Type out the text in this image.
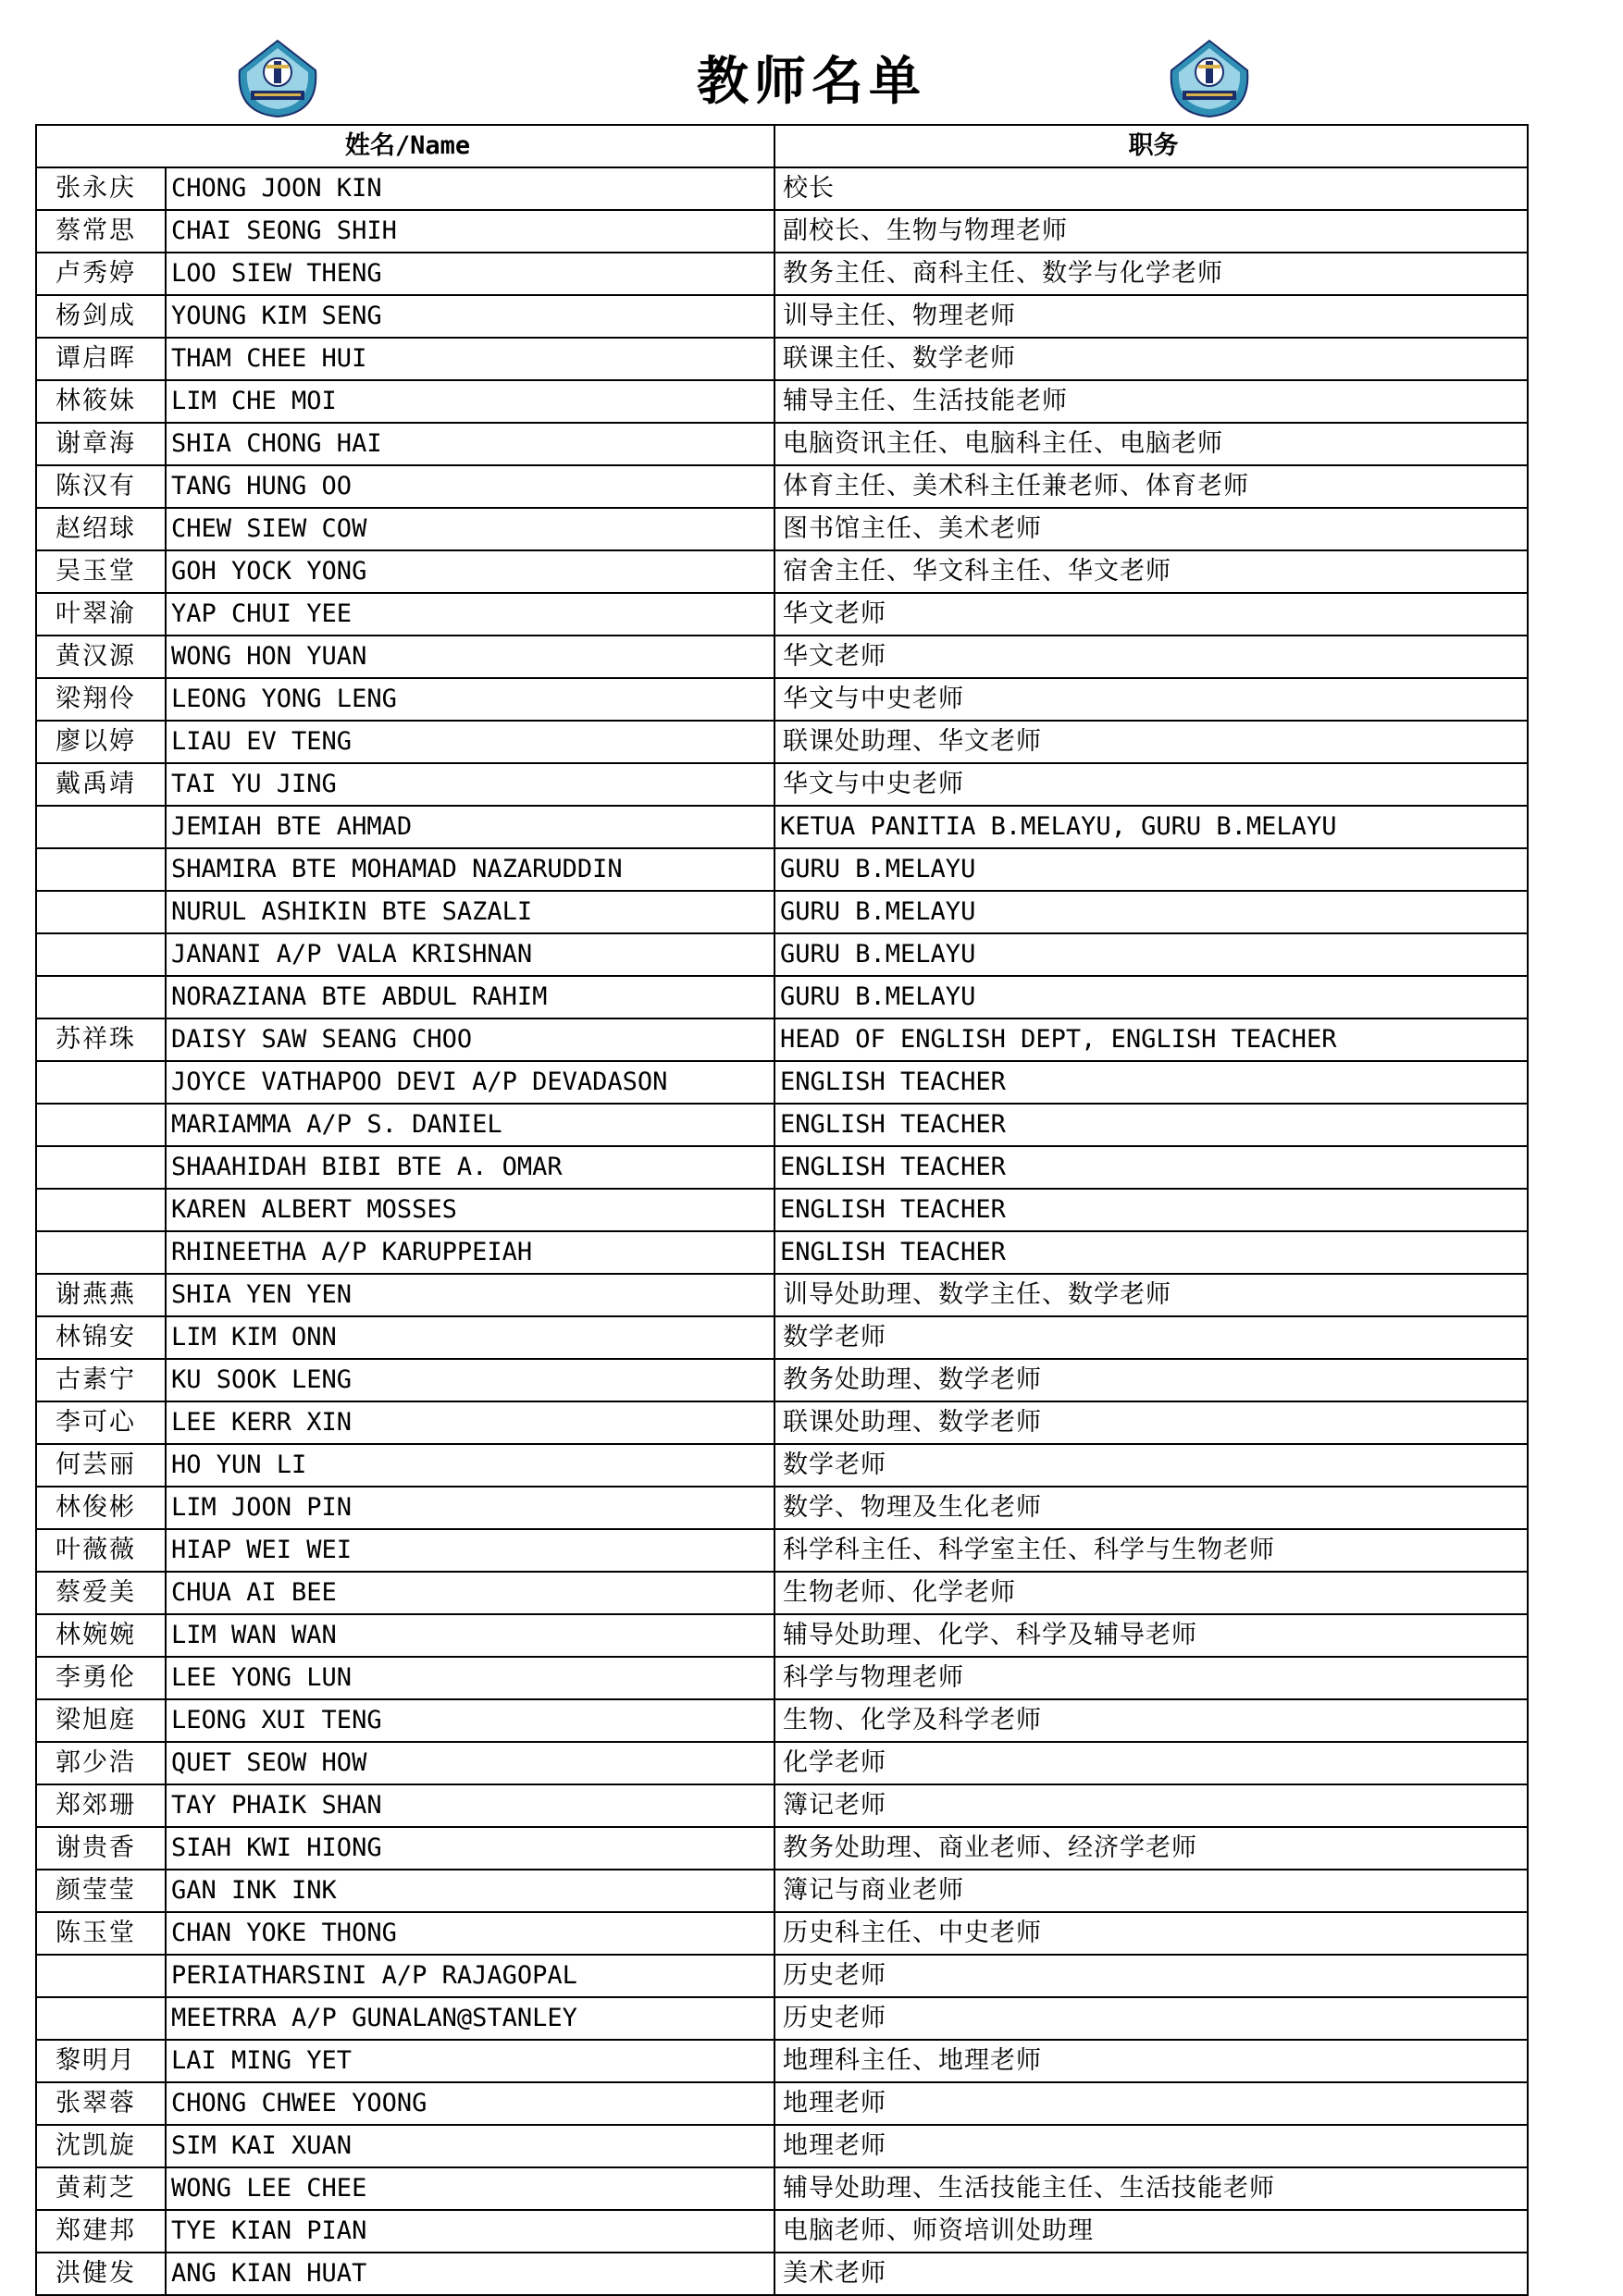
教师名单
姓名/Name		职务
张永庆	CHONG JOON KIN	校长
蔡常思	CHAI SEONG SHIH	副校长、生物与物理老师
卢秀婷	LOO SIEW THENG	教务主任、商科主任、数学与化学老师
杨剑成	YOUNG KIM SENG	训导主任、物理老师
谭启晖	THAM CHEE HUI	联课主任、数学老师
林筱妹	LIM CHE MOI	辅导主任、生活技能老师
谢章海	SHIA CHONG HAI	电脑资讯主任、电脑科主任、电脑老师
陈汉有	TANG HUNG OO	体育主任、美术科主任兼老师、体育老师
赵绍球	CHEW SIEW COW	图书馆主任、美术老师
吴玉堂	GOH YOCK YONG	宿舍主任、华文科主任、华文老师
叶翠渝	YAP CHUI YEE	华文老师
黄汉源	WONG HON YUAN	华文老师
梁翔伶	LEONG YONG LENG	华文与中史老师
廖以婷	LIAU EV TENG	联课处助理、华文老师
戴禹靖	TAI YU JING	华文与中史老师
	JEMIAH BTE AHMAD	KETUA PANITIA B.MELAYU, GURU B.MELAYU
	SHAMIRA BTE MOHAMAD NAZARUDDIN	GURU B.MELAYU
	NURUL ASHIKIN BTE SAZALI	GURU B.MELAYU
	JANANI A/P VALA KRISHNAN	GURU B.MELAYU
	NORAZIANA BTE ABDUL RAHIM	GURU B.MELAYU
苏祥珠	DAISY SAW SEANG CHOO	HEAD OF ENGLISH DEPT, ENGLISH TEACHER
	JOYCE VATHAPOO DEVI A/P DEVADASON	ENGLISH TEACHER
	MARIAMMA A/P S. DANIEL	ENGLISH TEACHER
	SHAAHIDAH BIBI BTE A. OMAR	ENGLISH TEACHER
	KAREN ALBERT MOSSES	ENGLISH TEACHER
	RHINEETHA A/P KARUPPEIAH	ENGLISH TEACHER
谢燕燕	SHIA YEN YEN	训导处助理、数学主任、数学老师
林锦安	LIM KIM ONN	数学老师
古素宁	KU SOOK LENG	教务处助理、数学老师
李可心	LEE KERR XIN	联课处助理、数学老师
何芸丽	HO YUN LI	数学老师
林俊彬	LIM JOON PIN	数学、物理及生化老师
叶薇薇	HIAP WEI WEI	科学科主任、科学室主任、科学与生物老师
蔡爱美	CHUA AI BEE	生物老师、化学老师
林婉婉	LIM WAN WAN	辅导处助理、化学、科学及辅导老师
李勇伦	LEE YONG LUN	科学与物理老师
梁旭庭	LEONG XUI TENG	生物、化学及科学老师
郭少浩	QUET SEOW HOW	化学老师
郑郊珊	TAY PHAIK SHAN	簿记老师
谢贵香	SIAH KWI HIONG	教务处助理、商业老师、经济学老师
颜莹莹	GAN INK INK	簿记与商业老师
陈玉堂	CHAN YOKE THONG	历史科主任、中史老师
	PERIATHARSINI A/P RAJAGOPAL	历史老师
	MEETRRA A/P GUNALAN@STANLEY	历史老师
黎明月	LAI MING YET	地理科主任、地理老师
张翠蓉	CHONG CHWEE YOONG	地理老师
沈凯旋	SIM KAI XUAN	地理老师
黄莉芝	WONG LEE CHEE	辅导处助理、生活技能主任、生活技能老师
郑建邦	TYE KIAN PIAN	电脑老师、师资培训处助理
洪健发	ANG KIAN HUAT	美术老师
